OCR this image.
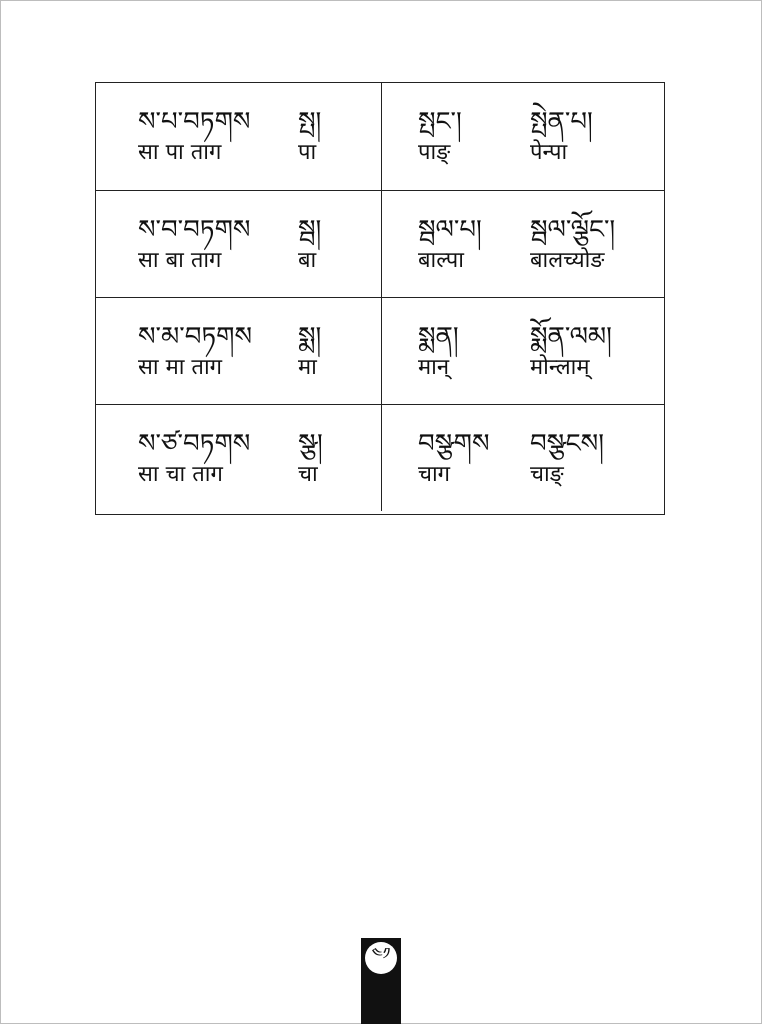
ས་པ་བཏགས
सा पा ताग
སྤ།
पा
སྤང་།
पाङ्
སྤེན་པ།
पेन्पा
ས་བ་བཏགས
सा बा ताग
སྦ།
बा
སྦལ་པ།
बाल्पा
སྦལ་ལྕོང་།
बालच्योङ
ས་མ་བཏགས
सा मा ताग
སྨ།
मा
སྨན།
मान्
སྨོན་ལམ།
मोन्लाम्
ས་ཙ་བཏགས
सा चा ताग
སྩ།
चा
བསྩགས
चाग
བསྩངས།
चाङ्
༤༡
